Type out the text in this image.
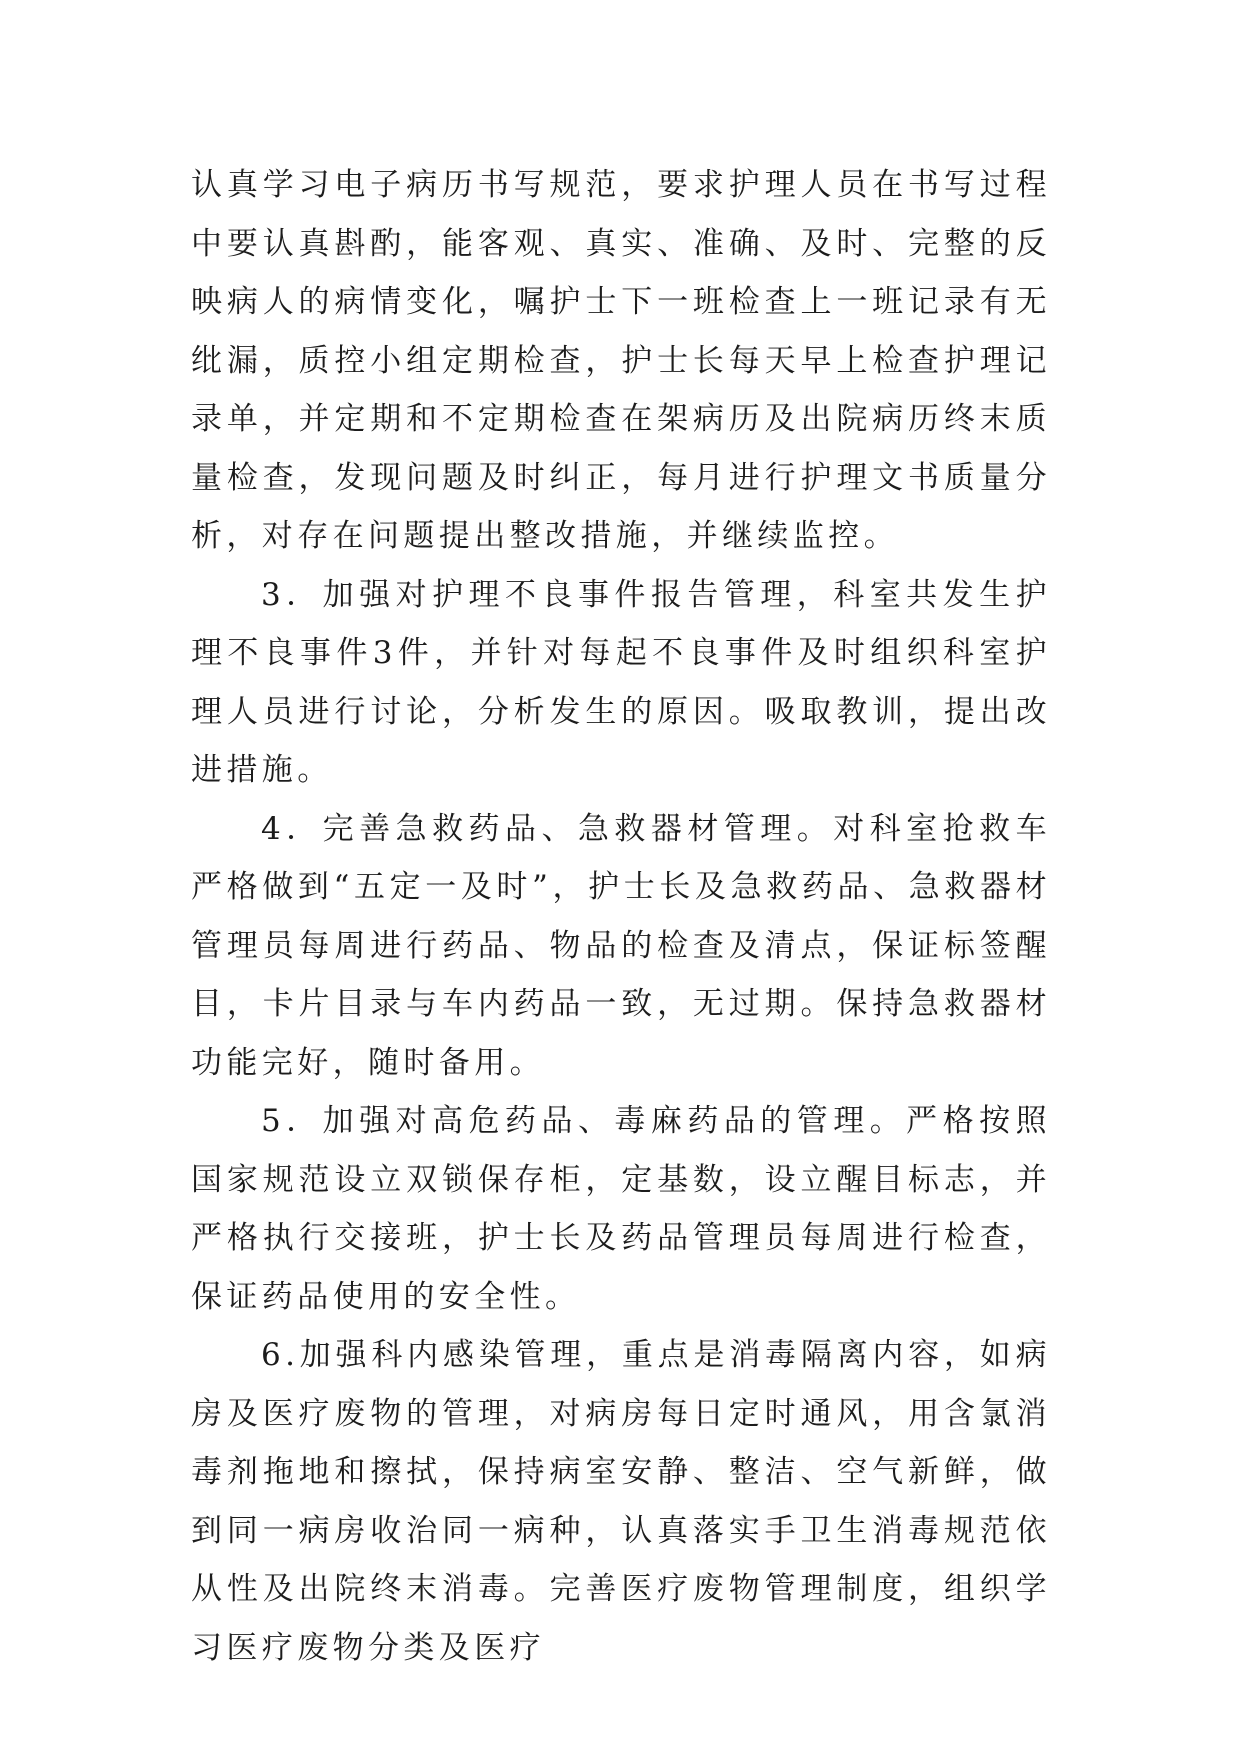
认真学习电子病历书写规范，要求护理人员在书写过程中要认真斟酌，能客观、真实、准确、及时、完整的反映病人的病情变化，嘱护士下一班检查上一班记录有无纰漏，质控小组定期检查，护士长每天早上检查护理记录单，并定期和不定期检查在架病历及出院病历终末质量检查，发现问题及时纠正，每月进行护理文书质量分析，对存在问题提出整改措施，并继续监控。

3．加强对护理不良事件报告管理，科室共发生护理不良事件3件，并针对每起不良事件及时组织科室护理人员进行讨论，分析发生的原因。吸取教训，提出改进措施。

4．完善急救药品、急救器材管理。对科室抢救车严格做到“五定一及时”，护士长及急救药品、急救器材管理员每周进行药品、物品的检查及清点，保证标签醒目，卡片目录与车内药品一致，无过期。保持急救器材功能完好，随时备用。

5．加强对高危药品、毒麻药品的管理。严格按照国家规范设立双锁保存柜，定基数，设立醒目标志，并严格执行交接班，护士长及药品管理员每周进行检查，保证药品使用的安全性。

6.加强科内感染管理，重点是消毒隔离内容，如病房及医疗废物的管理，对病房每日定时通风，用含氯消毒剂拖地和擦拭，保持病室安静、整洁、空气新鲜，做到同一病房收治同一病种，认真落实手卫生消毒规范依从性及出院终末消毒。完善医疗废物管理制度，组织学习医疗废物分类及医疗
